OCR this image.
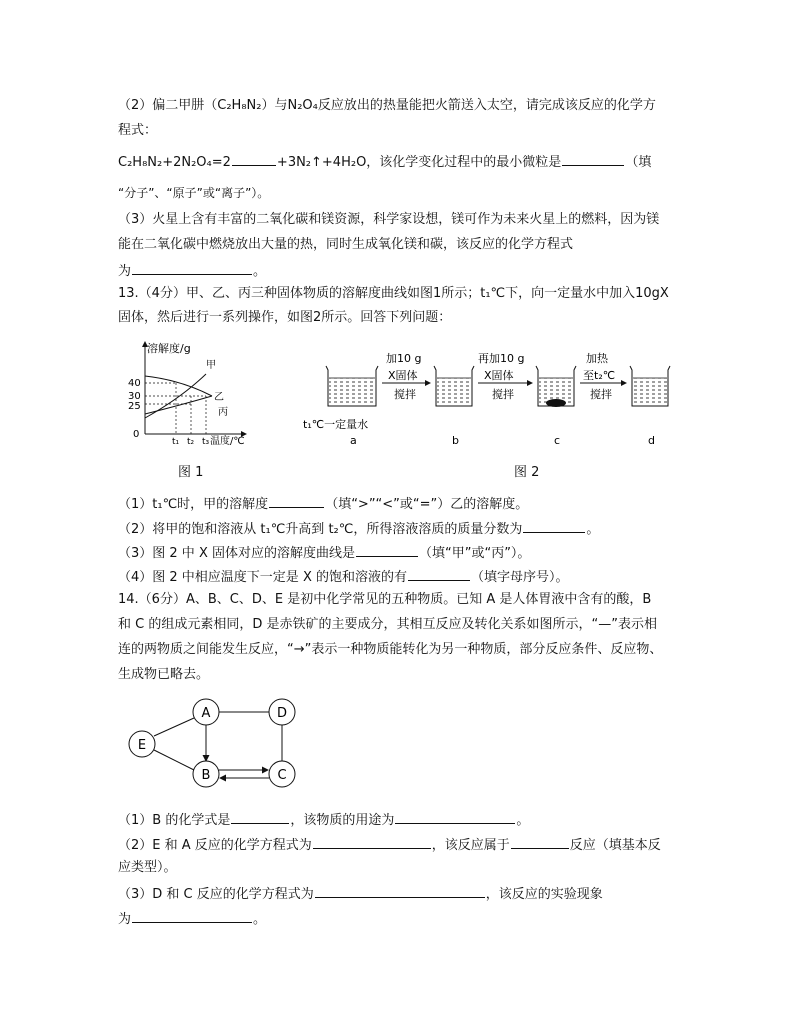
（2）偏二甲肼（C₂H₈N₂）与N₂O₄反应放出的热量能把火箭送入太空，请完成该反应的化学方
程式：
C₂H₈N₂+2N₂O₄=2	+3N₂↑+4H₂O，该化学变化过程中的最小微粒是	（填
“分子”、“原子”或“离子”）。
（3）火星上含有丰富的二氧化碳和镁资源，科学家设想，镁可作为未来火星上的燃料，因为镁
能在二氧化碳中燃烧放出大量的热，同时生成氧化镁和碳，该反应的化学方程式
为	。
13.（4分）甲、乙、丙三种固体物质的溶解度曲线如图1所示；t₁℃下，向一定量水中加入10gX
固体，然后进行一系列操作，如图2所示。回答下列问题：
溶解度/g
温度/℃
40
30
25
0
甲
乙
丙
t₁ t₂ t₃
图 1
加10 g
X固体
搅拌
再加10 g
X固体
搅拌
加热
至t₂℃
搅拌
t₁℃一定量水
a	b	c	d
图 2
（1）t₁℃时，甲的溶解度	（填“>”“<”或“=”）乙的溶解度。
（2）将甲的饱和溶液从 t₁℃升高到 t₂℃，所得溶液溶质的质量分数为	。
（3）图 2 中 X 固体对应的溶解度曲线是	（填“甲”或“丙”）。
（4）图 2 中相应温度下一定是 X 的饱和溶液的有	（填字母序号）。
14.（6分）A、B、C、D、E 是初中化学常见的五种物质。已知 A 是人体胃液中含有的酸，B
和 C 的组成元素相同，D 是赤铁矿的主要成分，其相互反应及转化关系如图所示，“—”表示相
连的两物质之间能发生反应，“→”表示一种物质能转化为另一种物质，部分反应条件、反应物、
生成物已略去。
A
B	C
D
E
（1）B 的化学式是	，该物质的用途为	。
（2）E 和 A 反应的化学方程式为	，该反应属于	反应（填基本反
应类型）。
（3）D 和 C 反应的化学方程式为	，该反应的实验现象
为	。
